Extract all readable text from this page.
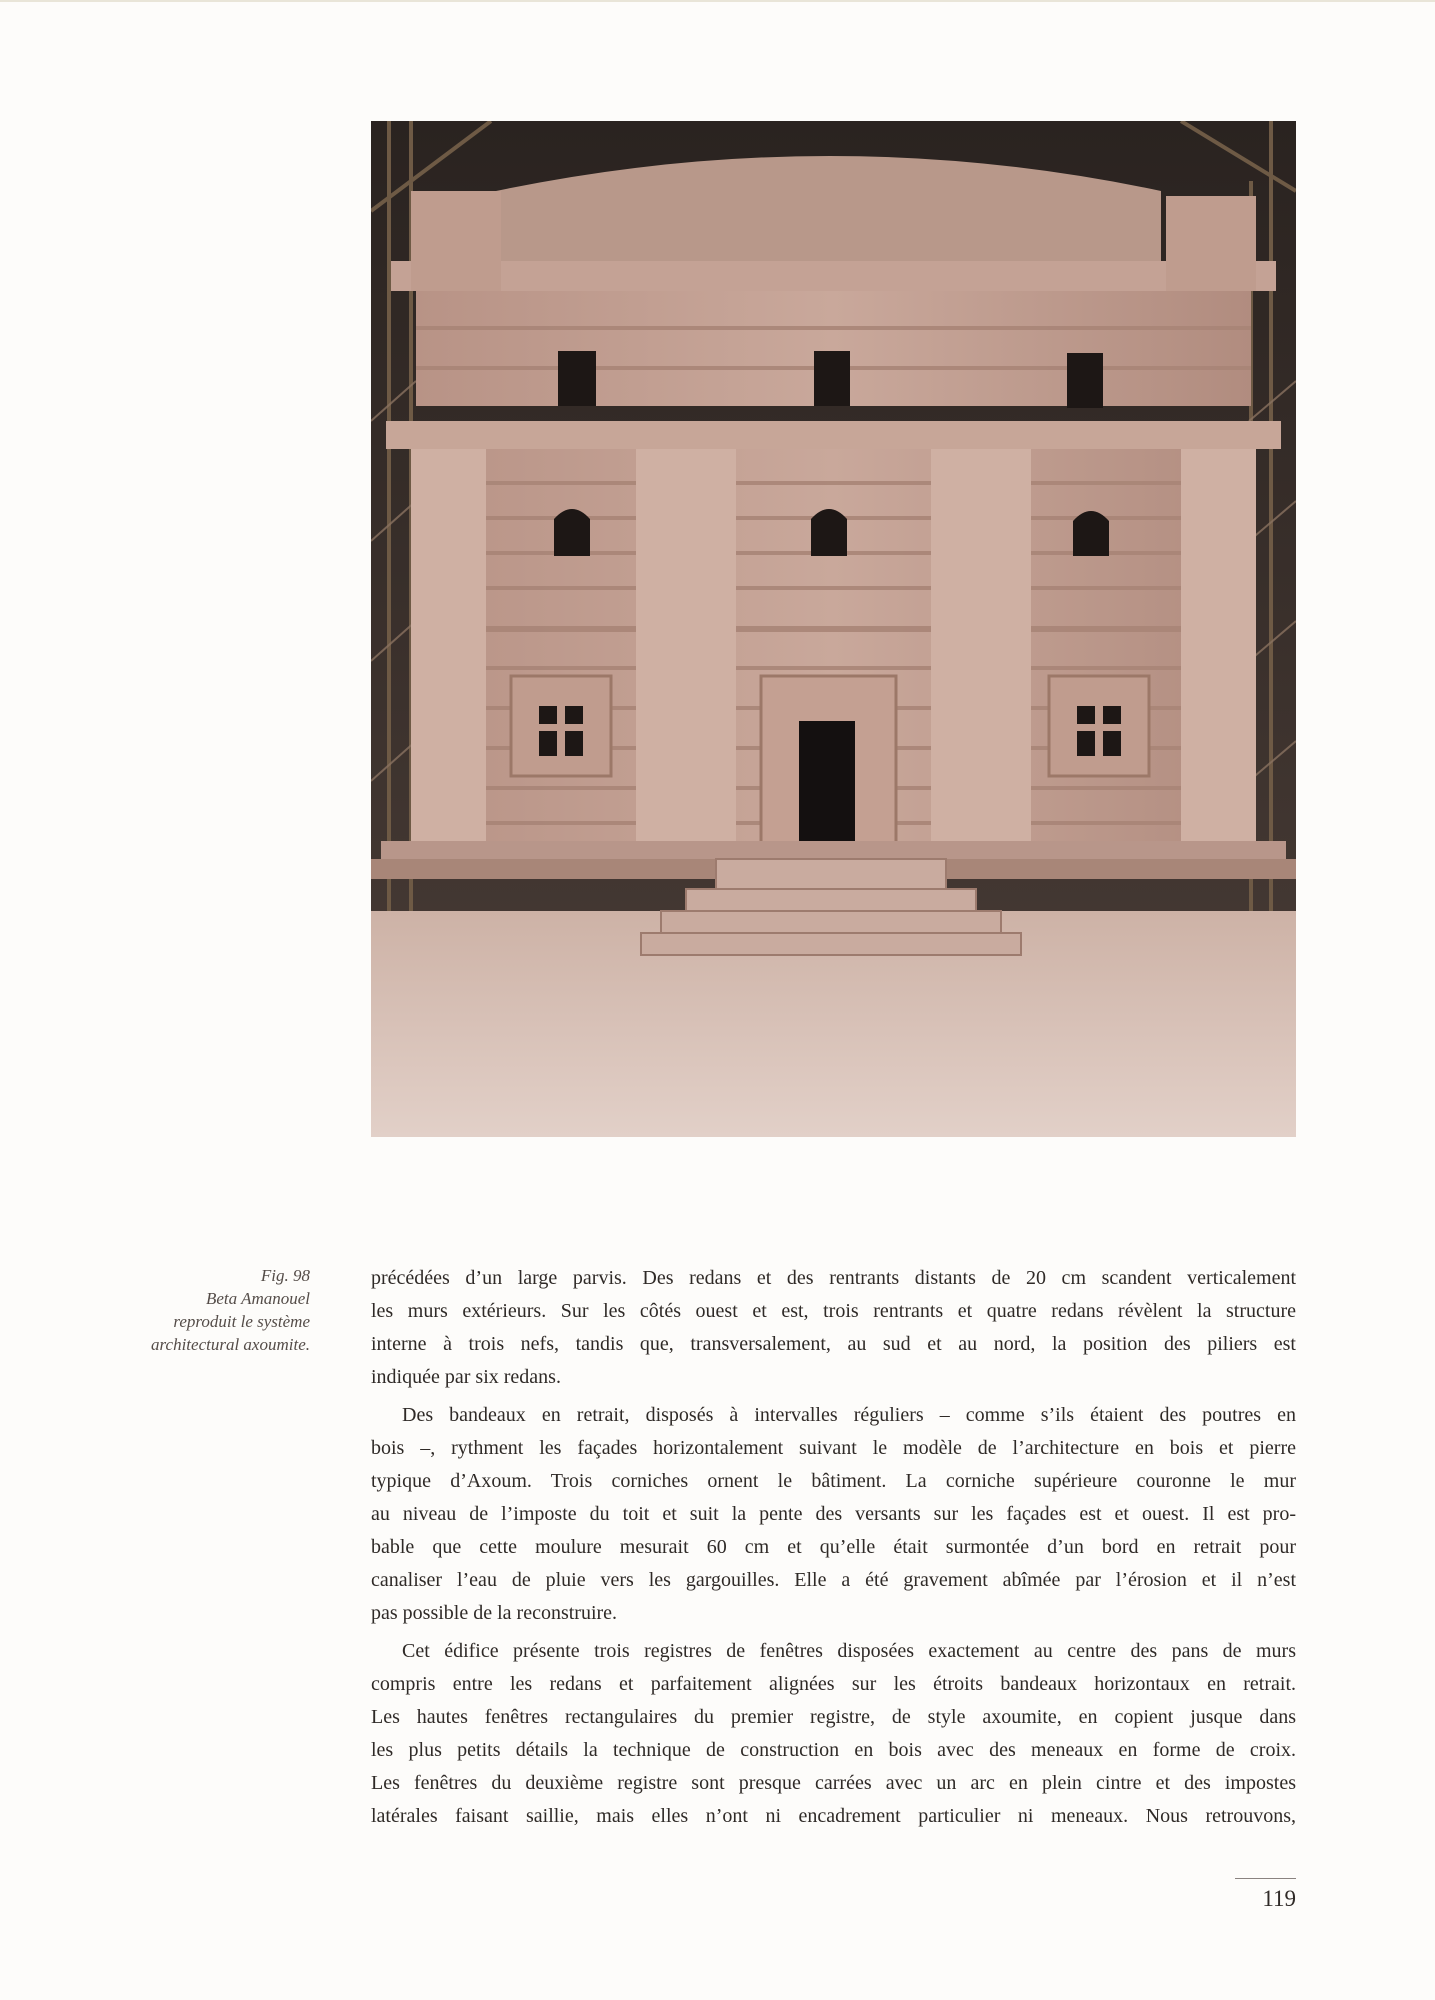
Fig. 98
Beta Amanouel
reproduit le système
architectural axoumite.

précédées d’un large parvis. Des redans et des rentrants distants de 20 cm scandent verticalement
les murs extérieurs. Sur les côtés ouest et est, trois rentrants et quatre redans révèlent la structure
interne à trois nefs, tandis que, transversalement, au sud et au nord, la position des piliers est
indiquée par six redans.

Des bandeaux en retrait, disposés à intervalles réguliers – comme s’ils étaient des poutres en
bois –, rythment les façades horizontalement suivant le modèle de l’architecture en bois et pierre
typique d’Axoum. Trois corniches ornent le bâtiment. La corniche supérieure couronne le mur
au niveau de l’imposte du toit et suit la pente des versants sur les façades est et ouest. Il est pro-
bable que cette moulure mesurait 60 cm et qu’elle était surmontée d’un bord en retrait pour
canaliser l’eau de pluie vers les gargouilles. Elle a été gravement abîmée par l’érosion et il n’est
pas possible de la reconstruire.

Cet édifice présente trois registres de fenêtres disposées exactement au centre des pans de murs
compris entre les redans et parfaitement alignées sur les étroits bandeaux horizontaux en retrait.
Les hautes fenêtres rectangulaires du premier registre, de style axoumite, en copient jusque dans
les plus petits détails la technique de construction en bois avec des meneaux en forme de croix.
Les fenêtres du deuxième registre sont presque carrées avec un arc en plein cintre et des impostes
latérales faisant saillie, mais elles n’ont ni encadrement particulier ni meneaux. Nous retrouvons,

119
